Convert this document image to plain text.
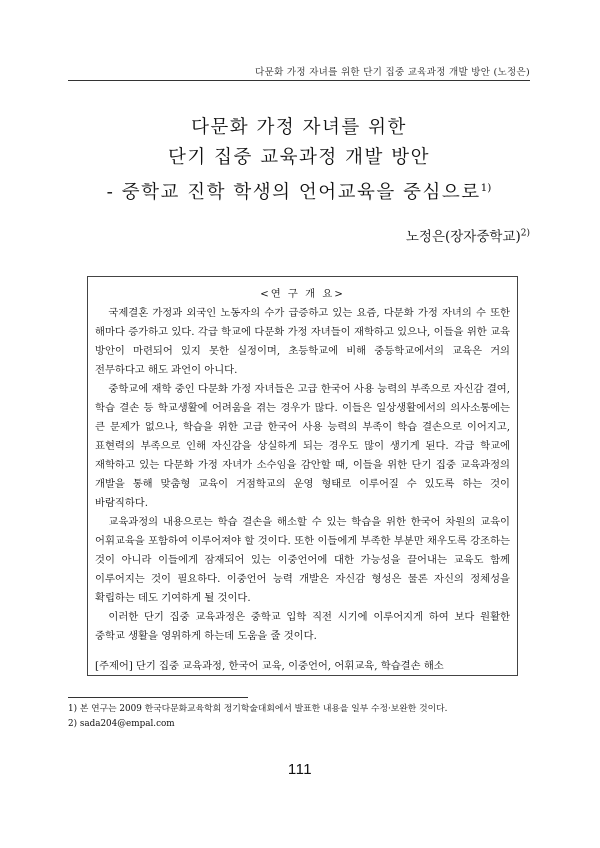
다문화 가정 자녀를 위한 단기 집중 교육과정 개발 방안 (노정은)
다문화 가정 자녀를 위한
단기 집중 교육과정 개발 방안
- 중학교 진학 학생의 언어교육을 중심으로$^{1)}$
노정은(장자중학교)$^{2)}$
<연 구 개 요>

국제결혼 가정과 외국인 노동자의 수가 급증하고 있는 요즘, 다문화 가정 자녀의 수 또한 해마다 증가하고 있다. 각급 학교에 다문화 가정 자녀들이 재학하고 있으나, 이들을 위한 교육 방안이 마련되어 있지 못한 실정이며, 초등학교에 비해 중등학교에서의 교육은 거의 전무하다고 해도 과언이 아니다.

중학교에 재학 중인 다문화 가정 자녀들은 고급 한국어 사용 능력의 부족으로 자신감 결여, 학습 결손 등 학교생활에 어려움을 겪는 경우가 많다. 이들은 일상생활에서의 의사소통에는 큰 문제가 없으나, 학습을 위한 고급 한국어 사용 능력의 부족이 학습 결손으로 이어지고, 표현력의 부족으로 인해 자신감을 상실하게 되는 경우도 많이 생기게 된다. 각급 학교에 재학하고 있는 다문화 가정 자녀가 소수임을 감안할 때, 이들을 위한 단기 집중 교육과정의 개발을 통해 맞춤형 교육이 거점학교의 운영 형태로 이루어질 수 있도록 하는 것이 바람직하다.

교육과정의 내용으로는 학습 결손을 해소할 수 있는 학습을 위한 한국어 차원의 교육이 어휘교육을 포함하여 이루어져야 할 것이다. 또한 이들에게 부족한 부분만 채우도록 강조하는 것이 아니라 이들에게 잠재되어 있는 이중언어에 대한 가능성을 끌어내는 교육도 함께 이루어지는 것이 필요하다. 이중언어 능력 개발은 자신감 형성은 물론 자신의 정체성을 확립하는 데도 기여하게 될 것이다.

이러한 단기 집중 교육과정은 중학교 입학 직전 시기에 이루어지게 하여 보다 원활한 중학교 생활을 영위하게 하는데 도움을 줄 것이다.

[주제어] 단기 집중 교육과정, 한국어 교육, 이중언어, 어휘교육, 학습결손 해소

1) 본 연구는 2009 한국다문화교육학회 정기학술대회에서 발표한 내용을 일부 수정·보완한 것이다.
2) sada204@empal.com
111
